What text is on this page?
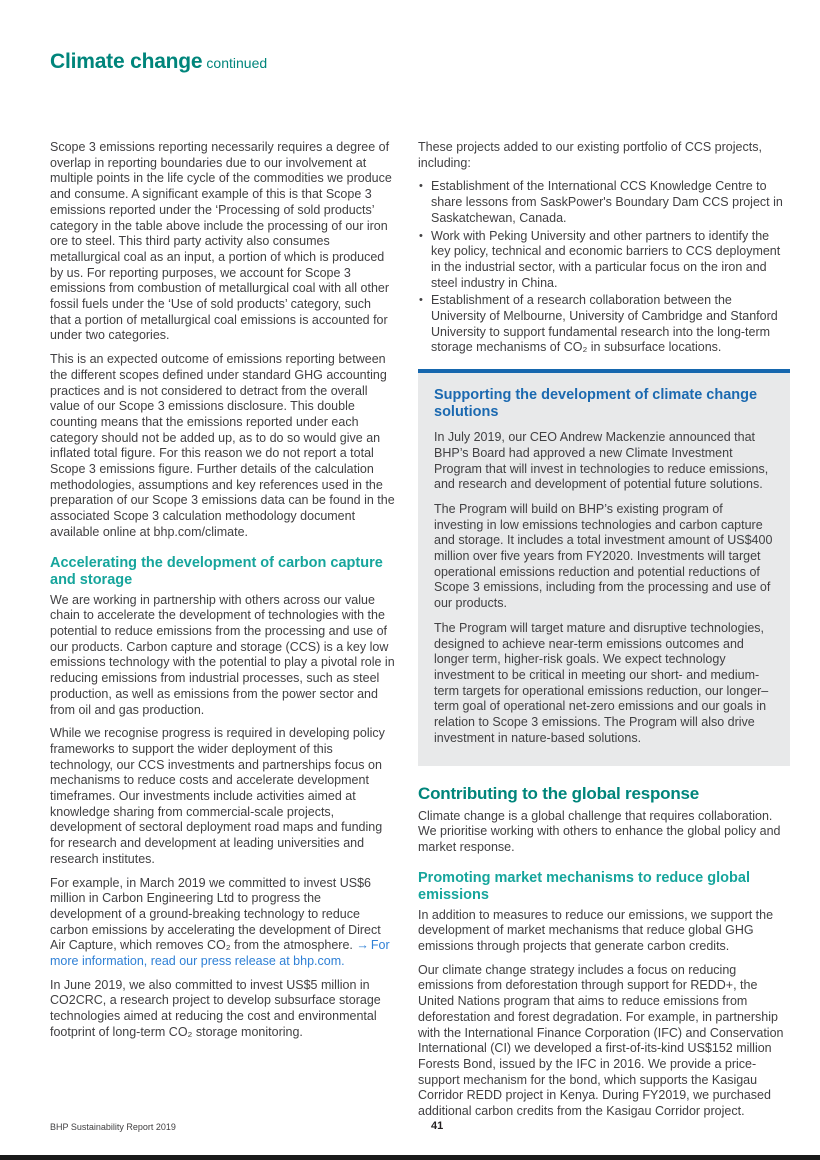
Climate change continued

Scope 3 emissions reporting necessarily requires a degree of overlap in reporting boundaries due to our involvement at multiple points in the life cycle of the commodities we produce and consume. A significant example of this is that Scope 3 emissions reported under the ‘Processing of sold products’ category in the table above include the processing of our iron ore to steel. This third party activity also consumes metallurgical coal as an input, a portion of which is produced by us. For reporting purposes, we account for Scope 3 emissions from combustion of metallurgical coal with all other fossil fuels under the ‘Use of sold products’ category, such that a portion of metallurgical coal emissions is accounted for under two categories.

This is an expected outcome of emissions reporting between the different scopes defined under standard GHG accounting practices and is not considered to detract from the overall value of our Scope 3 emissions disclosure. This double counting means that the emissions reported under each category should not be added up, as to do so would give an inflated total figure. For this reason we do not report a total Scope 3 emissions figure. Further details of the calculation methodologies, assumptions and key references used in the preparation of our Scope 3 emissions data can be found in the associated Scope 3 calculation methodology document available online at bhp.com/climate.

Accelerating the development of carbon capture and storage

We are working in partnership with others across our value chain to accelerate the development of technologies with the potential to reduce emissions from the processing and use of our products. Carbon capture and storage (CCS) is a key low emissions technology with the potential to play a pivotal role in reducing emissions from industrial processes, such as steel production, as well as emissions from the power sector and from oil and gas production.

While we recognise progress is required in developing policy frameworks to support the wider deployment of this technology, our CCS investments and partnerships focus on mechanisms to reduce costs and accelerate development timeframes. Our investments include activities aimed at knowledge sharing from commercial-scale projects, development of sectoral deployment road maps and funding for research and development at leading universities and research institutes.

For example, in March 2019 we committed to invest US$6 million in Carbon Engineering Ltd to progress the development of a ground-breaking technology to reduce carbon emissions by accelerating the development of Direct Air Capture, which removes CO₂ from the atmosphere. → For more information, read our press release at bhp.com.

In June 2019, we also committed to invest US$5 million in CO2CRC, a research project to develop subsurface storage technologies aimed at reducing the cost and environmental footprint of long-term CO₂ storage monitoring.

These projects added to our existing portfolio of CCS projects, including:

• Establishment of the International CCS Knowledge Centre to share lessons from SaskPower's Boundary Dam CCS project in Saskatchewan, Canada.
• Work with Peking University and other partners to identify the key policy, technical and economic barriers to CCS deployment in the industrial sector, with a particular focus on the iron and steel industry in China.
• Establishment of a research collaboration between the University of Melbourne, University of Cambridge and Stanford University to support fundamental research into the long-term storage mechanisms of CO₂ in subsurface locations.
Supporting the development of climate change solutions

In July 2019, our CEO Andrew Mackenzie announced that BHP’s Board had approved a new Climate Investment Program that will invest in technologies to reduce emissions, and research and development of potential future solutions.

The Program will build on BHP’s existing program of investing in low emissions technologies and carbon capture and storage. It includes a total investment amount of US$400 million over five years from FY2020. Investments will target operational emissions reduction and potential reductions of Scope 3 emissions, including from the processing and use of our products.

The Program will target mature and disruptive technologies, designed to achieve near-term emissions outcomes and longer term, higher-risk goals. We expect technology investment to be critical in meeting our short- and medium-term targets for operational emissions reduction, our longer–term goal of operational net-zero emissions and our goals in relation to Scope 3 emissions. The Program will also drive investment in nature-based solutions.

Contributing to the global response

Climate change is a global challenge that requires collaboration. We prioritise working with others to enhance the global policy and market response.

Promoting market mechanisms to reduce global emissions

In addition to measures to reduce our emissions, we support the development of market mechanisms that reduce global GHG emissions through projects that generate carbon credits.

Our climate change strategy includes a focus on reducing emissions from deforestation through support for REDD+, the United Nations program that aims to reduce emissions from deforestation and forest degradation. For example, in partnership with the International Finance Corporation (IFC) and Conservation International (CI) we developed a first-of-its-kind US$152 million Forests Bond, issued by the IFC in 2016. We provide a price-support mechanism for the bond, which supports the Kasigau Corridor REDD project in Kenya. During FY2019, we purchased additional carbon credits from the Kasigau Corridor project.

BHP Sustainability Report 2019	41
